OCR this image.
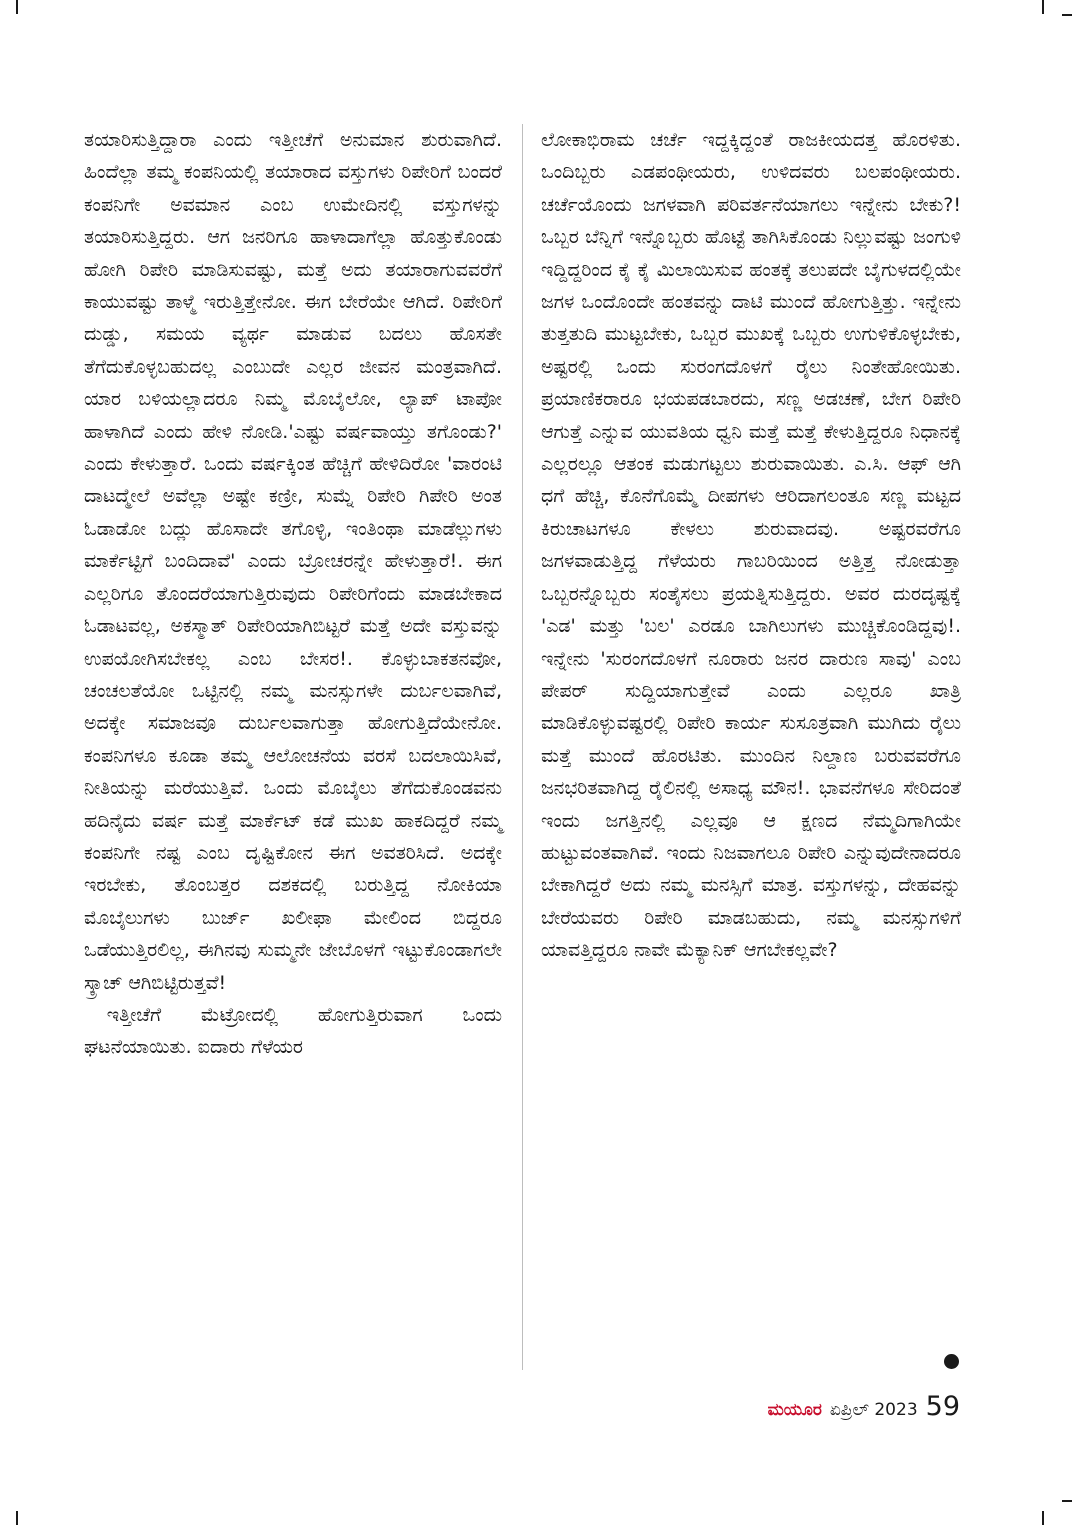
ತಯಾರಿಸುತ್ತಿದ್ದಾರಾ ಎಂದು ಇತ್ತೀಚೆಗೆ ಅನುಮಾನ ಶುರುವಾಗಿದೆ. ಹಿಂದೆಲ್ಲಾ ತಮ್ಮ ಕಂಪನಿಯಲ್ಲಿ ತಯಾರಾದ ವಸ್ತುಗಳು ರಿಪೇರಿಗೆ ಬಂದರೆ ಕಂಪನಿಗೇ ಅವಮಾನ ಎಂಬ ಉಮೇದಿನಲ್ಲಿ ವಸ್ತುಗಳನ್ನು ತಯಾರಿಸುತ್ತಿದ್ದರು. ಆಗ ಜನರಿಗೂ ಹಾಳಾದಾಗೆಲ್ಲಾ ಹೊತ್ತುಕೊಂಡು ಹೋಗಿ ರಿಪೇರಿ ಮಾಡಿಸುವಷ್ಟು, ಮತ್ತೆ ಅದು ತಯಾರಾಗುವವರೆಗೆ ಕಾಯುವಷ್ಟು ತಾಳ್ಮೆ ಇರುತ್ತಿತ್ತೇನೋ. ಈಗ ಬೇರೆಯೇ ಆಗಿದೆ. ರಿಪೇರಿಗೆ ದುಡ್ಡು, ಸಮಯ ವ್ಯರ್ಥ ಮಾಡುವ ಬದಲು ಹೊಸತೇ ತೆಗೆದುಕೊಳ್ಳಬಹುದಲ್ಲ ಎಂಬುದೇ ಎಲ್ಲರ ಜೀವನ ಮಂತ್ರವಾಗಿದೆ. ಯಾರ ಬಳಿಯಲ್ಲಾದರೂ ನಿಮ್ಮ ಮೊಬೈಲೋ, ಲ್ಯಾಪ್ ಟಾಪೋ ಹಾಳಾಗಿದೆ ಎಂದು ಹೇಳಿ ನೋಡಿ.'ಎಷ್ಟು ವರ್ಷವಾಯ್ತು ತಗೊಂಡು?' ಎಂದು ಕೇಳುತ್ತಾರೆ. ಒಂದು ವರ್ಷಕ್ಕಿಂತ ಹೆಚ್ಚಿಗೆ ಹೇಳಿದಿರೋ 'ವಾರಂಟಿ ದಾಟದ್ಮೇಲೆ ಅವೆಲ್ಲಾ ಅಷ್ಟೇ ಕಣ್ರೀ, ಸುಮ್ನೆ ರಿಪೇರಿ ಗಿಪೇರಿ ಅಂತ ಓಡಾಡೋ ಬದ್ಲು ಹೊಸಾದೇ ತಗೊಳ್ಳಿ, ಇಂತಿಂಥಾ ಮಾಡೆಲ್ಲುಗಳು ಮಾರ್ಕೆಟ್ಟಿಗೆ ಬಂದಿದಾವೆ' ಎಂದು ಬ್ರೋಚರನ್ನೇ ಹೇಳುತ್ತಾರೆ!. ಈಗ ಎಲ್ಲರಿಗೂ ತೊಂದರೆಯಾಗುತ್ತಿರುವುದು ರಿಪೇರಿಗೆಂದು ಮಾಡಬೇಕಾದ ಓಡಾಟವಲ್ಲ, ಅಕಸ್ಮಾತ್ ರಿಪೇರಿಯಾಗಿಬಿಟ್ಟರೆ ಮತ್ತೆ ಅದೇ ವಸ್ತುವನ್ನು ಉಪಯೋಗಿಸಬೇಕಲ್ಲ ಎಂಬ ಬೇಸರ!. ಕೊಳ್ಳುಬಾಕತನವೋ, ಚಂಚಲತೆಯೋ ಒಟ್ಟಿನಲ್ಲಿ ನಮ್ಮ ಮನಸ್ಸುಗಳೇ ದುರ್ಬಲವಾಗಿವೆ, ಅದಕ್ಕೇ ಸಮಾಜವೂ ದುರ್ಬಲವಾಗುತ್ತಾ ಹೋಗುತ್ತಿದೆಯೇನೋ. ಕಂಪನಿಗಳೂ ಕೂಡಾ ತಮ್ಮ ಆಲೋಚನೆಯ ವರಸೆ ಬದಲಾಯಿಸಿವೆ, ನೀತಿಯನ್ನು ಮರೆಯುತ್ತಿವೆ. ಒಂದು ಮೊಬೈಲು ತೆಗೆದುಕೊಂಡವನು ಹದಿನೈದು ವರ್ಷ ಮತ್ತೆ ಮಾರ್ಕೆಟ್ ಕಡೆ ಮುಖ ಹಾಕದಿದ್ದರೆ ನಮ್ಮ ಕಂಪನಿಗೇ ನಷ್ಟ ಎಂಬ ದೃಷ್ಟಿಕೋನ ಈಗ ಅವತರಿಸಿದೆ. ಅದಕ್ಕೇ ಇರಬೇಕು, ತೊಂಬತ್ತರ ದಶಕದಲ್ಲಿ ಬರುತ್ತಿದ್ದ ನೋಕಿಯಾ ಮೊಬೈಲುಗಳು ಬುರ್ಜ್ ಖಲೀಫಾ ಮೇಲಿಂದ ಬಿದ್ದರೂ ಒಡೆಯುತ್ತಿರಲಿಲ್ಲ, ಈಗಿನವು ಸುಮ್ಮನೇ ಜೇಬೊಳಗೆ ಇಟ್ಟುಕೊಂಡಾಗಲೇ ಸ್ಕ್ರಾಚ್ ಆಗಿಬಿಟ್ಟಿರುತ್ತವೆ!

ಇತ್ತೀಚೆಗೆ ಮೆಟ್ರೋದಲ್ಲಿ ಹೋಗುತ್ತಿರುವಾಗ ಒಂದು ಘಟನೆಯಾಯಿತು. ಐದಾರು ಗೆಳೆಯರ

ಲೋಕಾಭಿರಾಮ ಚರ್ಚೆ ಇದ್ದಕ್ಕಿದ್ದಂತೆ ರಾಜಕೀಯದತ್ತ ಹೊರಳಿತು. ಒಂದಿಬ್ಬರು ಎಡಪಂಥೀಯರು, ಉಳಿದವರು ಬಲಪಂಥೀಯರು. ಚರ್ಚೆಯೊಂದು ಜಗಳವಾಗಿ ಪರಿವರ್ತನೆಯಾಗಲು ಇನ್ನೇನು ಬೇಕು?! ಒಬ್ಬರ ಬೆನ್ನಿಗೆ ಇನ್ನೊಬ್ಬರು ಹೊಟ್ಟೆ ತಾಗಿಸಿಕೊಂಡು ನಿಲ್ಲುವಷ್ಟು ಜಂಗುಳಿ ಇದ್ದಿದ್ದರಿಂದ ಕೈ ಕೈ ಮಿಲಾಯಿಸುವ ಹಂತಕ್ಕೆ ತಲುಪದೇ ಬೈಗುಳದಲ್ಲಿಯೇ ಜಗಳ ಒಂದೊಂದೇ ಹಂತವನ್ನು ದಾಟಿ ಮುಂದೆ ಹೋಗುತ್ತಿತ್ತು. ಇನ್ನೇನು ತುತ್ತತುದಿ ಮುಟ್ಟಬೇಕು, ಒಬ್ಬರ ಮುಖಕ್ಕೆ ಒಬ್ಬರು ಉಗುಳಿಕೊಳ್ಳಬೇಕು, ಅಷ್ಟರಲ್ಲಿ ಒಂದು ಸುರಂಗದೊಳಗೆ ರೈಲು ನಿಂತೇಹೋಯಿತು. ಪ್ರಯಾಣಿಕರಾರೂ ಭಯಪಡಬಾರದು, ಸಣ್ಣ ಅಡಚಣೆ, ಬೇಗ ರಿಪೇರಿ ಆಗುತ್ತೆ ಎನ್ನುವ ಯುವತಿಯ ಧ್ವನಿ ಮತ್ತೆ ಮತ್ತೆ ಕೇಳುತ್ತಿದ್ದರೂ ನಿಧಾನಕ್ಕೆ ಎಲ್ಲರಲ್ಲೂ ಆತಂಕ ಮಡುಗಟ್ಟಲು ಶುರುವಾಯಿತು. ಎ.ಸಿ. ಆಫ್ ಆಗಿ ಧಗೆ ಹೆಚ್ಚಿ, ಕೊನೆಗೊಮ್ಮೆ ದೀಪಗಳು ಆರಿದಾಗಲಂತೂ ಸಣ್ಣ ಮಟ್ಟದ ಕಿರುಚಾಟಗಳೂ ಕೇಳಲು ಶುರುವಾದವು. ಅಷ್ಟರವರೆಗೂ ಜಗಳವಾಡುತ್ತಿದ್ದ ಗೆಳೆಯರು ಗಾಬರಿಯಿಂದ ಅತ್ತಿತ್ತ ನೋಡುತ್ತಾ ಒಬ್ಬರನ್ನೊಬ್ಬರು ಸಂತೈಸಲು ಪ್ರಯತ್ನಿಸುತ್ತಿದ್ದರು. ಅವರ ದುರದೃಷ್ಟಕ್ಕೆ 'ಎಡ' ಮತ್ತು 'ಬಲ' ಎರಡೂ ಬಾಗಿಲುಗಳು ಮುಚ್ಚಿಕೊಂಡಿದ್ದವು!. ಇನ್ನೇನು 'ಸುರಂಗದೊಳಗೆ ನೂರಾರು ಜನರ ದಾರುಣ ಸಾವು' ಎಂಬ ಪೇಪರ್ ಸುದ್ದಿಯಾಗುತ್ತೇವೆ ಎಂದು ಎಲ್ಲರೂ ಖಾತ್ರಿ ಮಾಡಿಕೊಳ್ಳುವಷ್ಟರಲ್ಲಿ ರಿಪೇರಿ ಕಾರ್ಯ ಸುಸೂತ್ರವಾಗಿ ಮುಗಿದು ರೈಲು ಮತ್ತೆ ಮುಂದೆ ಹೊರಟಿತು. ಮುಂದಿನ ನಿಲ್ದಾಣ ಬರುವವರೆಗೂ ಜನಭರಿತವಾಗಿದ್ದ ರೈಲಿನಲ್ಲಿ ಅಸಾಧ್ಯ ಮೌನ!. ಭಾವನೆಗಳೂ ಸೇರಿದಂತೆ ಇಂದು ಜಗತ್ತಿನಲ್ಲಿ ಎಲ್ಲವೂ ಆ ಕ್ಷಣದ ನೆಮ್ಮದಿಗಾಗಿಯೇ ಹುಟ್ಟುವಂತವಾಗಿವೆ. ಇಂದು ನಿಜವಾಗಲೂ ರಿಪೇರಿ ಎನ್ನುವುದೇನಾದರೂ ಬೇಕಾಗಿದ್ದರೆ ಅದು ನಮ್ಮ ಮನಸ್ಸಿಗೆ ಮಾತ್ರ. ವಸ್ತುಗಳನ್ನು, ದೇಹವನ್ನು ಬೇರೆಯವರು ರಿಪೇರಿ ಮಾಡಬಹುದು, ನಮ್ಮ ಮನಸ್ಸುಗಳಿಗೆ ಯಾವತ್ತಿದ್ದರೂ ನಾವೇ ಮೆಕ್ಯಾನಿಕ್ ಆಗಬೇಕಲ್ಲವೇ?

ಮಯೂರ ಏಪ್ರಿಲ್ 2023 59
